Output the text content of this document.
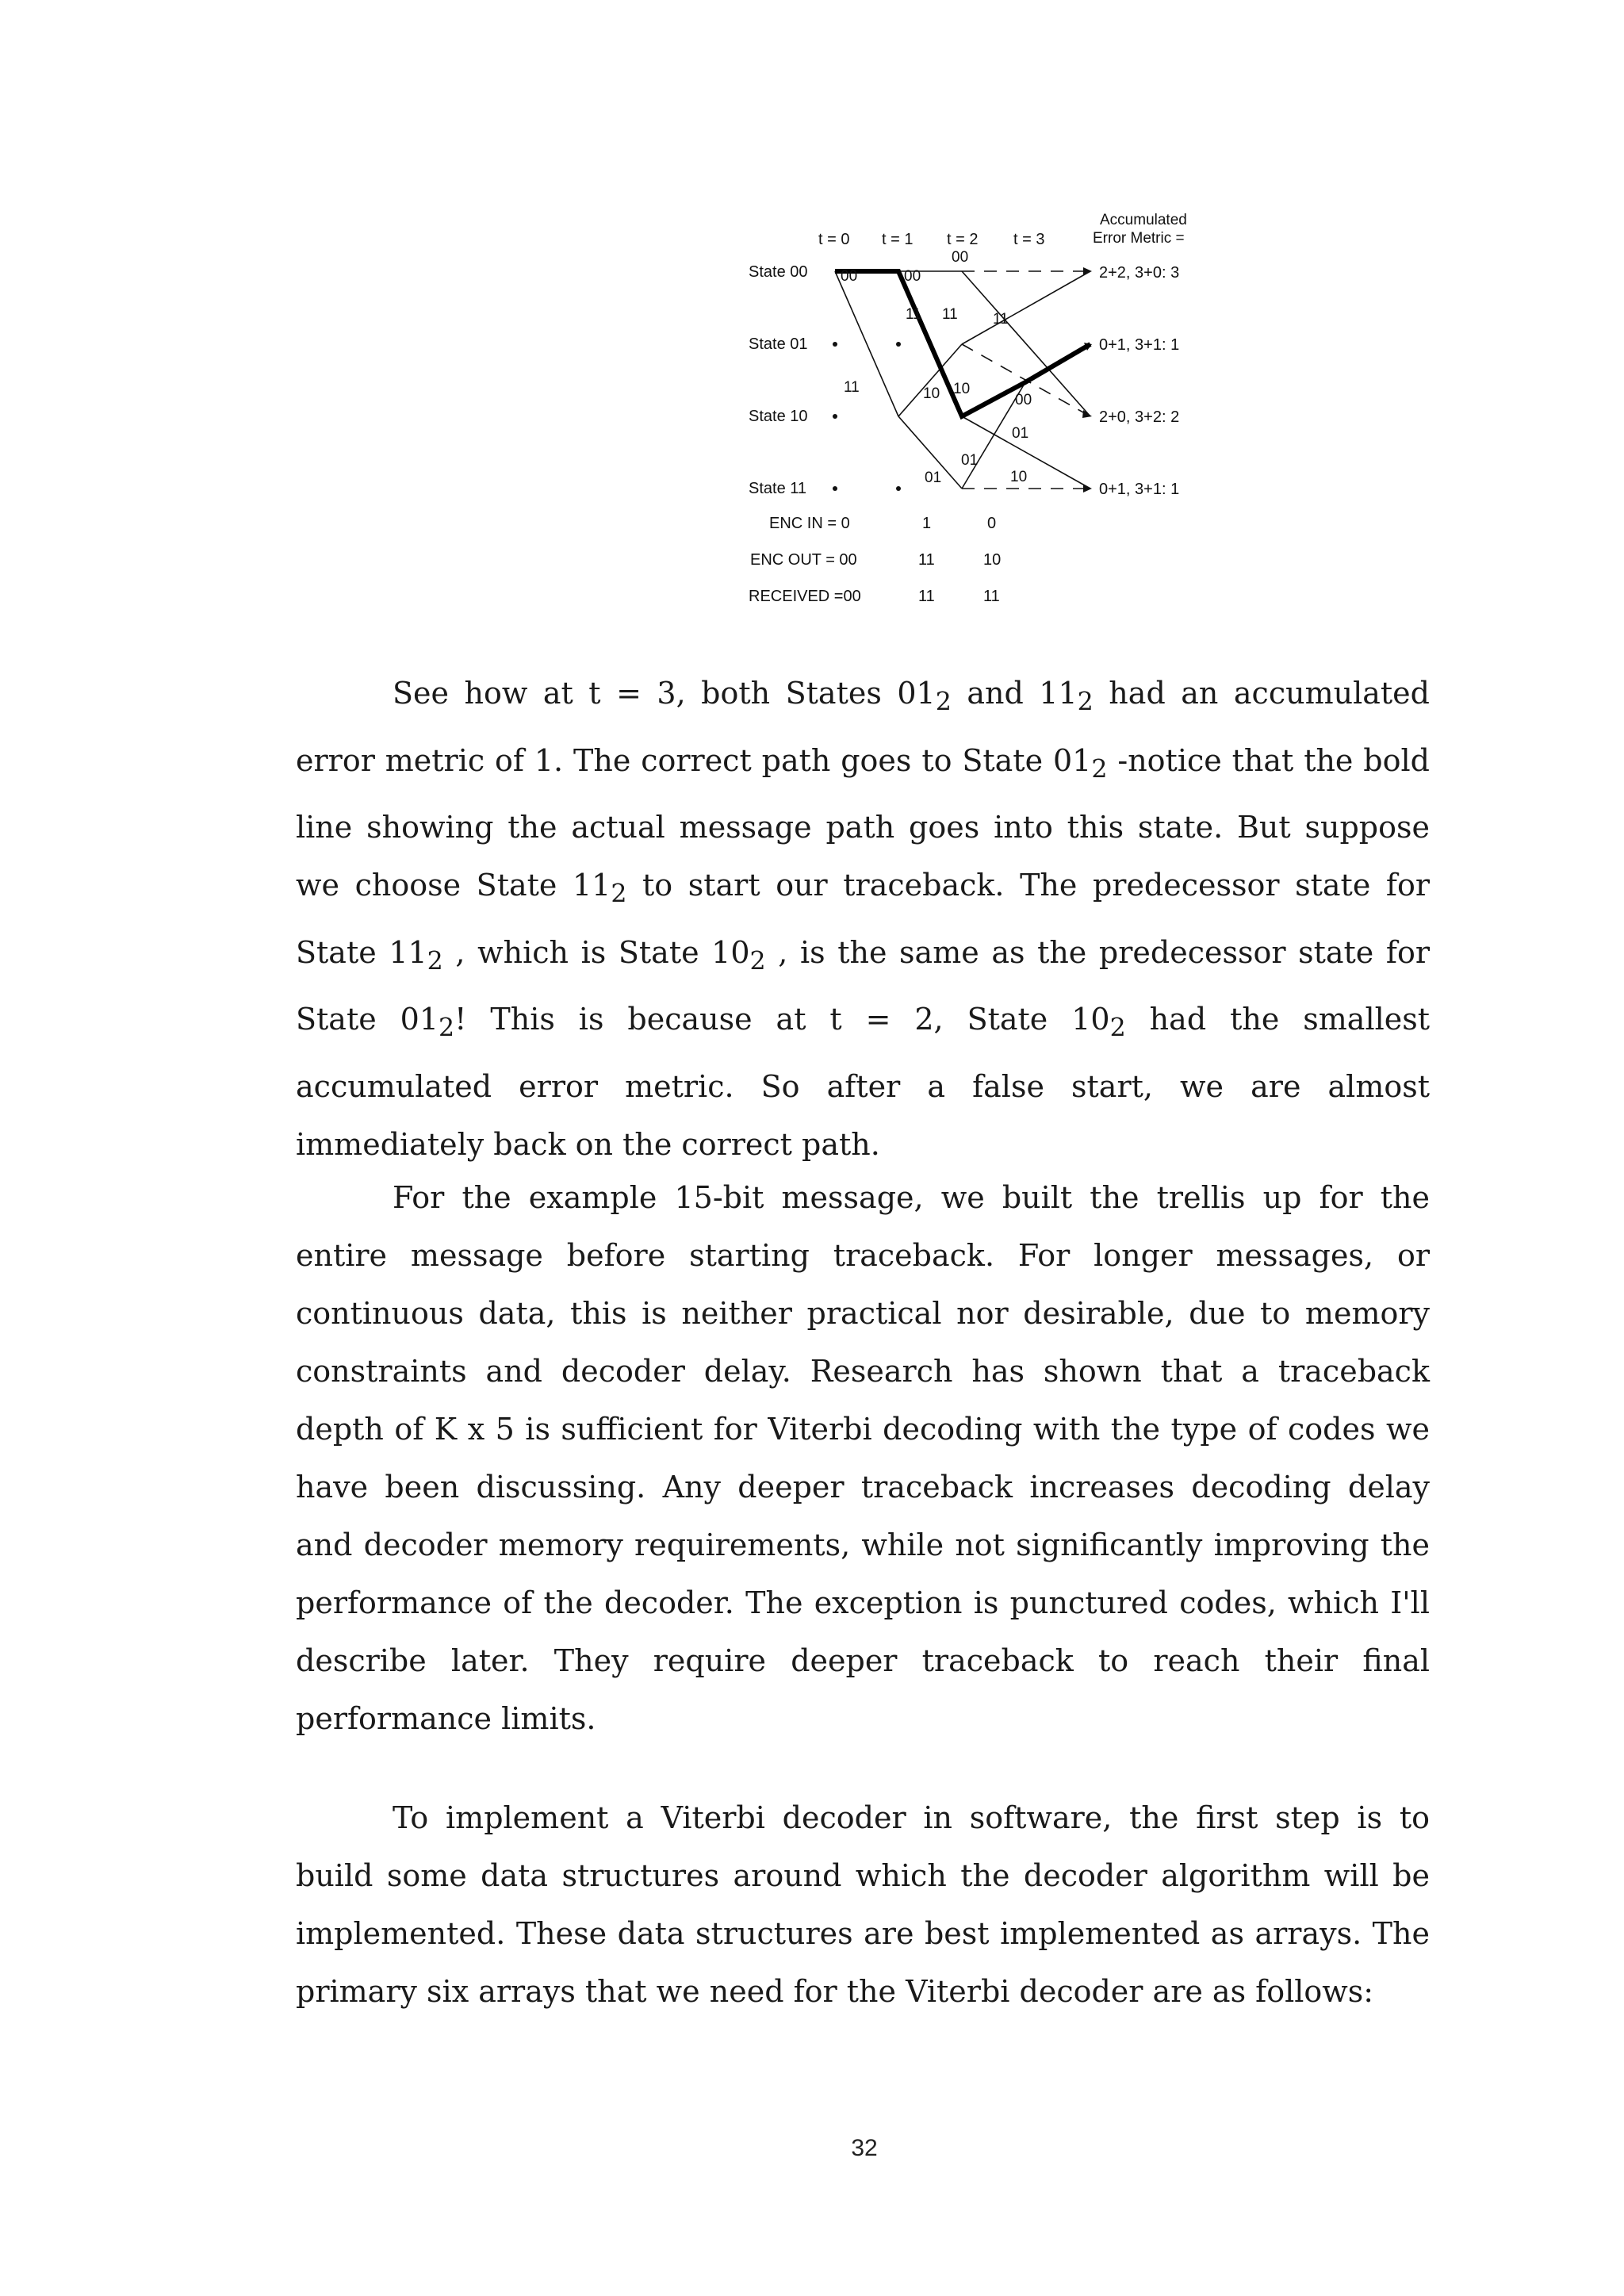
t = 0 t = 1 t = 2 t = 3
Accumulated
Error Metric =
State 00
State 01
State 10
State 11
00	00
00
11 11 11
11	10 10
10
01
01
01
00
2+2, 3+0: 3
0+1, 3+1: 1
2+0, 3+2: 2
0+1, 3+1: 1
ENC IN = 0	1	0
ENC OUT = 00	11	10
RECEIVED =00	11	11

See how at t = 3, both States $01_2$ and $11_2$ had an accumulated error metric of 1. The correct path goes to State $01_2$ -notice that the bold line showing the actual message path goes into this state. But suppose we choose State $11_2$ to start our traceback. The predecessor state for State $11_2$ , which is State $10_2$ , is the same as the predecessor state for State $01_2$! This is because at t = 2, State $10_2$ had the smallest accumulated error metric. So after a false start, we are almost immediately back on the correct path.

For the example 15-bit message, we built the trellis up for the entire message before starting traceback. For longer messages, or continuous data, this is neither practical nor desirable, due to memory constraints and decoder delay. Research has shown that a traceback depth of K x 5 is sufficient for Viterbi decoding with the type of codes we have been discussing. Any deeper traceback increases decoding delay and decoder memory requirements, while not significantly improving the performance of the decoder. The exception is punctured codes, which I'll describe later. They require deeper traceback to reach their final performance limits.

To implement a Viterbi decoder in software, the first step is to build some data structures around which the decoder algorithm will be implemented. These data structures are best implemented as arrays. The primary six arrays that we need for the Viterbi decoder are as follows:

32
